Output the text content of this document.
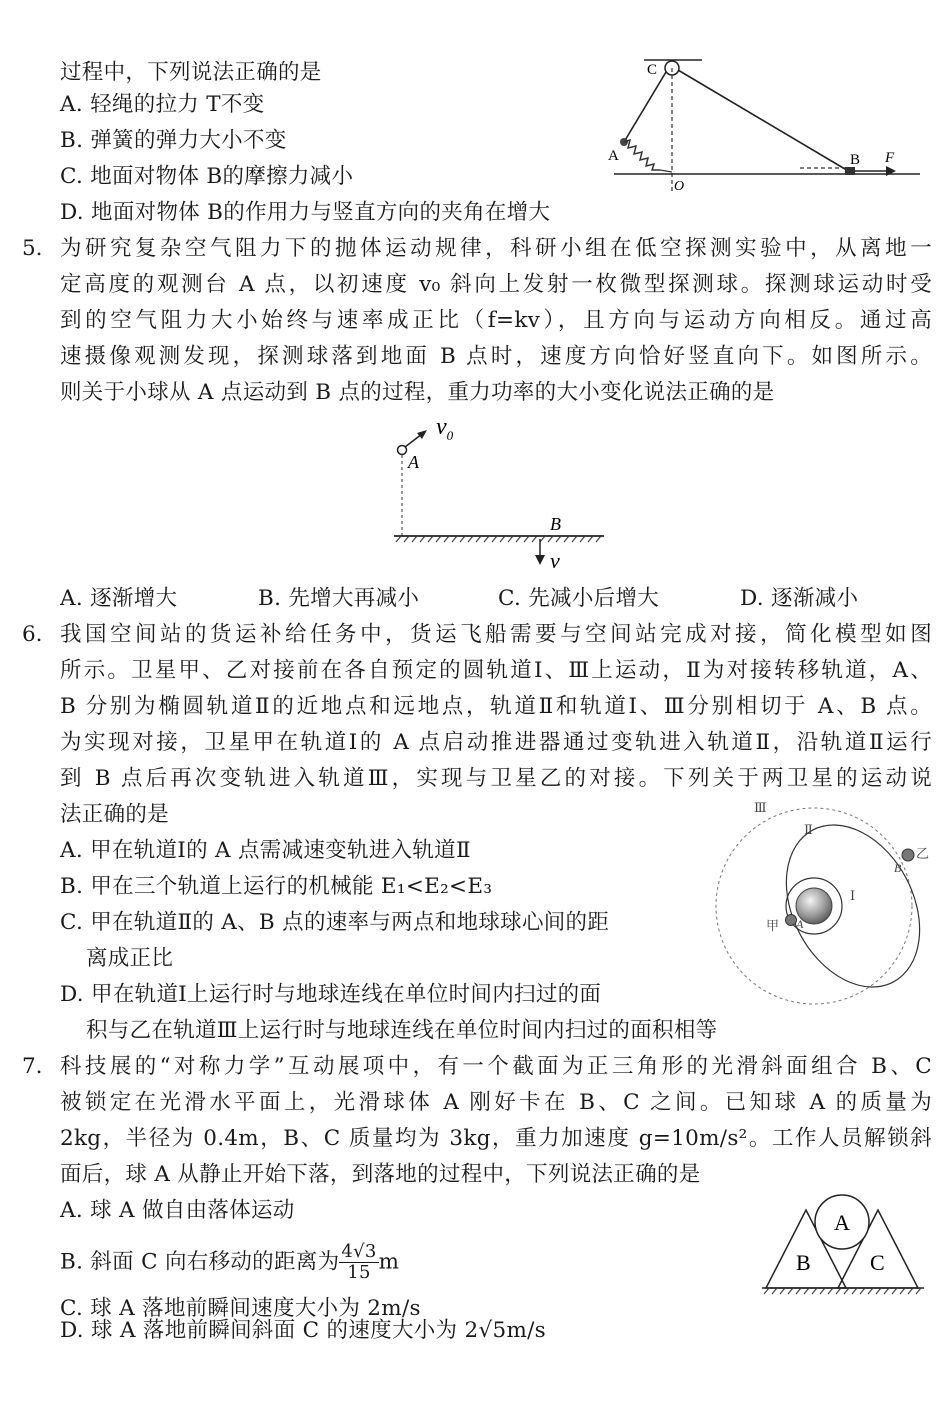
过程中，下列说法正确的是
A. 轻绳的拉力 T不变
B. 弹簧的弹力大小不变
C. 地面对物体 B的摩擦力减小
D. 地面对物体 B的作用力与竖直方向的夹角在增大
C
A	B F
O
5. 为研究复杂空气阻力下的抛体运动规律，科研小组在低空探测实验中，从离地一
定高度的观测台 A 点，以初速度 v₀ 斜向上发射一枚微型探测球。探测球运动时受
到的空气阻力大小始终与速率成正比（f=kv），且方向与运动方向相反。通过高
速摄像观测发现，探测球落到地面 B 点时，速度方向恰好竖直向下。如图所示。
则关于小球从 A 点运动到 B 点的过程，重力功率的大小变化说法正确的是
$v_0$
A
B
v
A. 逐渐增大	B. 先增大再减小	C. 先减小后增大	D. 逐渐减小
6. 我国空间站的货运补给任务中，货运飞船需要与空间站完成对接，简化模型如图
所示。卫星甲、乙对接前在各自预定的圆轨道Ⅰ、Ⅲ上运动，Ⅱ为对接转移轨道，A、
B 分别为椭圆轨道Ⅱ的近地点和远地点，轨道Ⅱ和轨道Ⅰ、Ⅲ分别相切于 A、B 点。
为实现对接，卫星甲在轨道Ⅰ的 A 点启动推进器通过变轨进入轨道Ⅱ，沿轨道Ⅱ运行
到 B 点后再次变轨进入轨道Ⅲ，实现与卫星乙的对接。下列关于两卫星的运动说
法正确的是
A. 甲在轨道Ⅰ的 A 点需减速变轨进入轨道Ⅱ
B. 甲在三个轨道上运行的机械能 E₁<E₂<E₃
C. 甲在轨道Ⅱ的 A、B 点的速率与两点和地球球心间的距
离成正比
D. 甲在轨道Ⅰ上运行时与地球连线在单位时间内扫过的面
积与乙在轨道Ⅲ上运行时与地球连线在单位时间内扫过的面积相等
Ⅲ
Ⅱ
Ⅰ
乙
B
甲 A
7. 科技展的“对称力学”互动展项中，有一个截面为正三角形的光滑斜面组合 B、C
被锁定在光滑水平面上，光滑球体 A 刚好卡在 B、C 之间。已知球 A 的质量为
2kg，半径为 0.4m，B、C 质量均为 3kg，重力加速度 g=10m/s²。工作人员解锁斜
面后，球 A 从静止开始下落，到落地的过程中，下列说法正确的是
A. 球 A 做自由落体运动
B. 斜面 C 向右移动的距离为 $\frac{4√3}{15}$ m
C. 球 A 落地前瞬间速度大小为 2m/s
D. 球 A 落地前瞬间斜面 C 的速度大小为 2√5m/s
A
B	C
